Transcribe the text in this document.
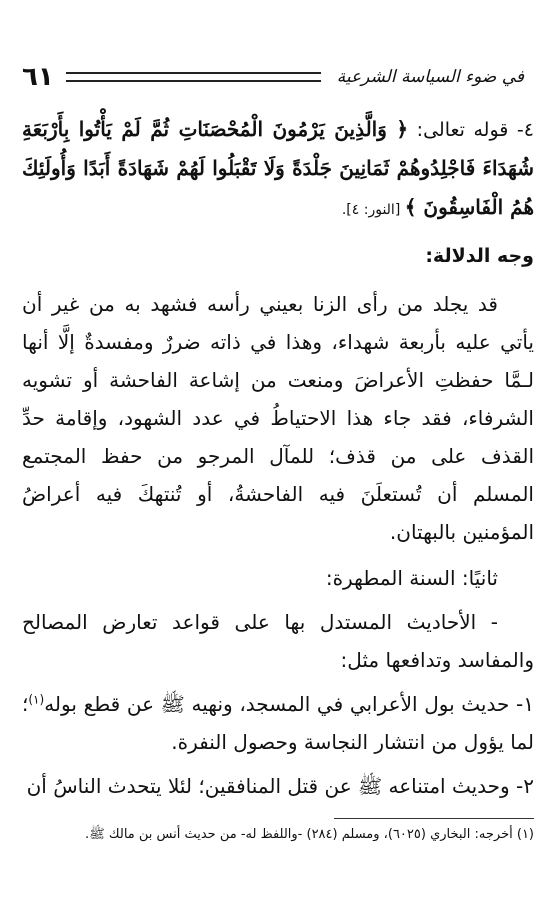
في ضوء السياسة الشرعية
٦١

٤- قوله تعالى: ﴿ وَالَّذِينَ يَرْمُونَ الْمُحْصَنَاتِ ثُمَّ لَمْ يَأْتُوا بِأَرْبَعَةِ شُهَدَاءَ فَاجْلِدُوهُمْ ثَمَانِينَ جَلْدَةً وَلَا تَقْبَلُوا لَهُمْ شَهَادَةً أَبَدًا وَأُولَئِكَ هُمُ الْفَاسِقُونَ ﴾ [النور: ٤].

وجه الدلالة:

قد يجلد من رأى الزنا بعيني رأسه فشهد به من غير أن يأتي عليه بأربعة شهداء، وهذا في ذاته ضررٌ ومفسدةٌ إلَّا أنها لـمَّا حفظتِ الأعراضَ ومنعت من إشاعة الفاحشة أو تشويه الشرفاء، فقد جاء هذا الاحتياطُ في عدد الشهود، وإقامة حدِّ القذف على من قذف؛ للمآل المرجو من حفظ المجتمع المسلم أن تُستعلَنَ فيه الفاحشةُ، أو تُنتهكَ فيه أعراضُ المؤمنين بالبهتان.

ثانيًا: السنة المطهرة:

- الأحاديث المستدل بها على قواعد تعارض المصالح والمفاسد وتدافعها مثل:

١- حديث بول الأعرابي في المسجد، ونهيه ﷺ عن قطع بوله$^{(١)}$؛ لما يؤول من انتشار النجاسة وحصول النفرة.

٢- وحديث امتناعه ﷺ عن قتل المنافقين؛ لئلا يتحدث الناسُ أن

(١) أخرجه: البخاري (٦٠٢٥)، ومسلم (٢٨٤) -واللفظ له- من حديث أنس بن مالك ﷺ.
